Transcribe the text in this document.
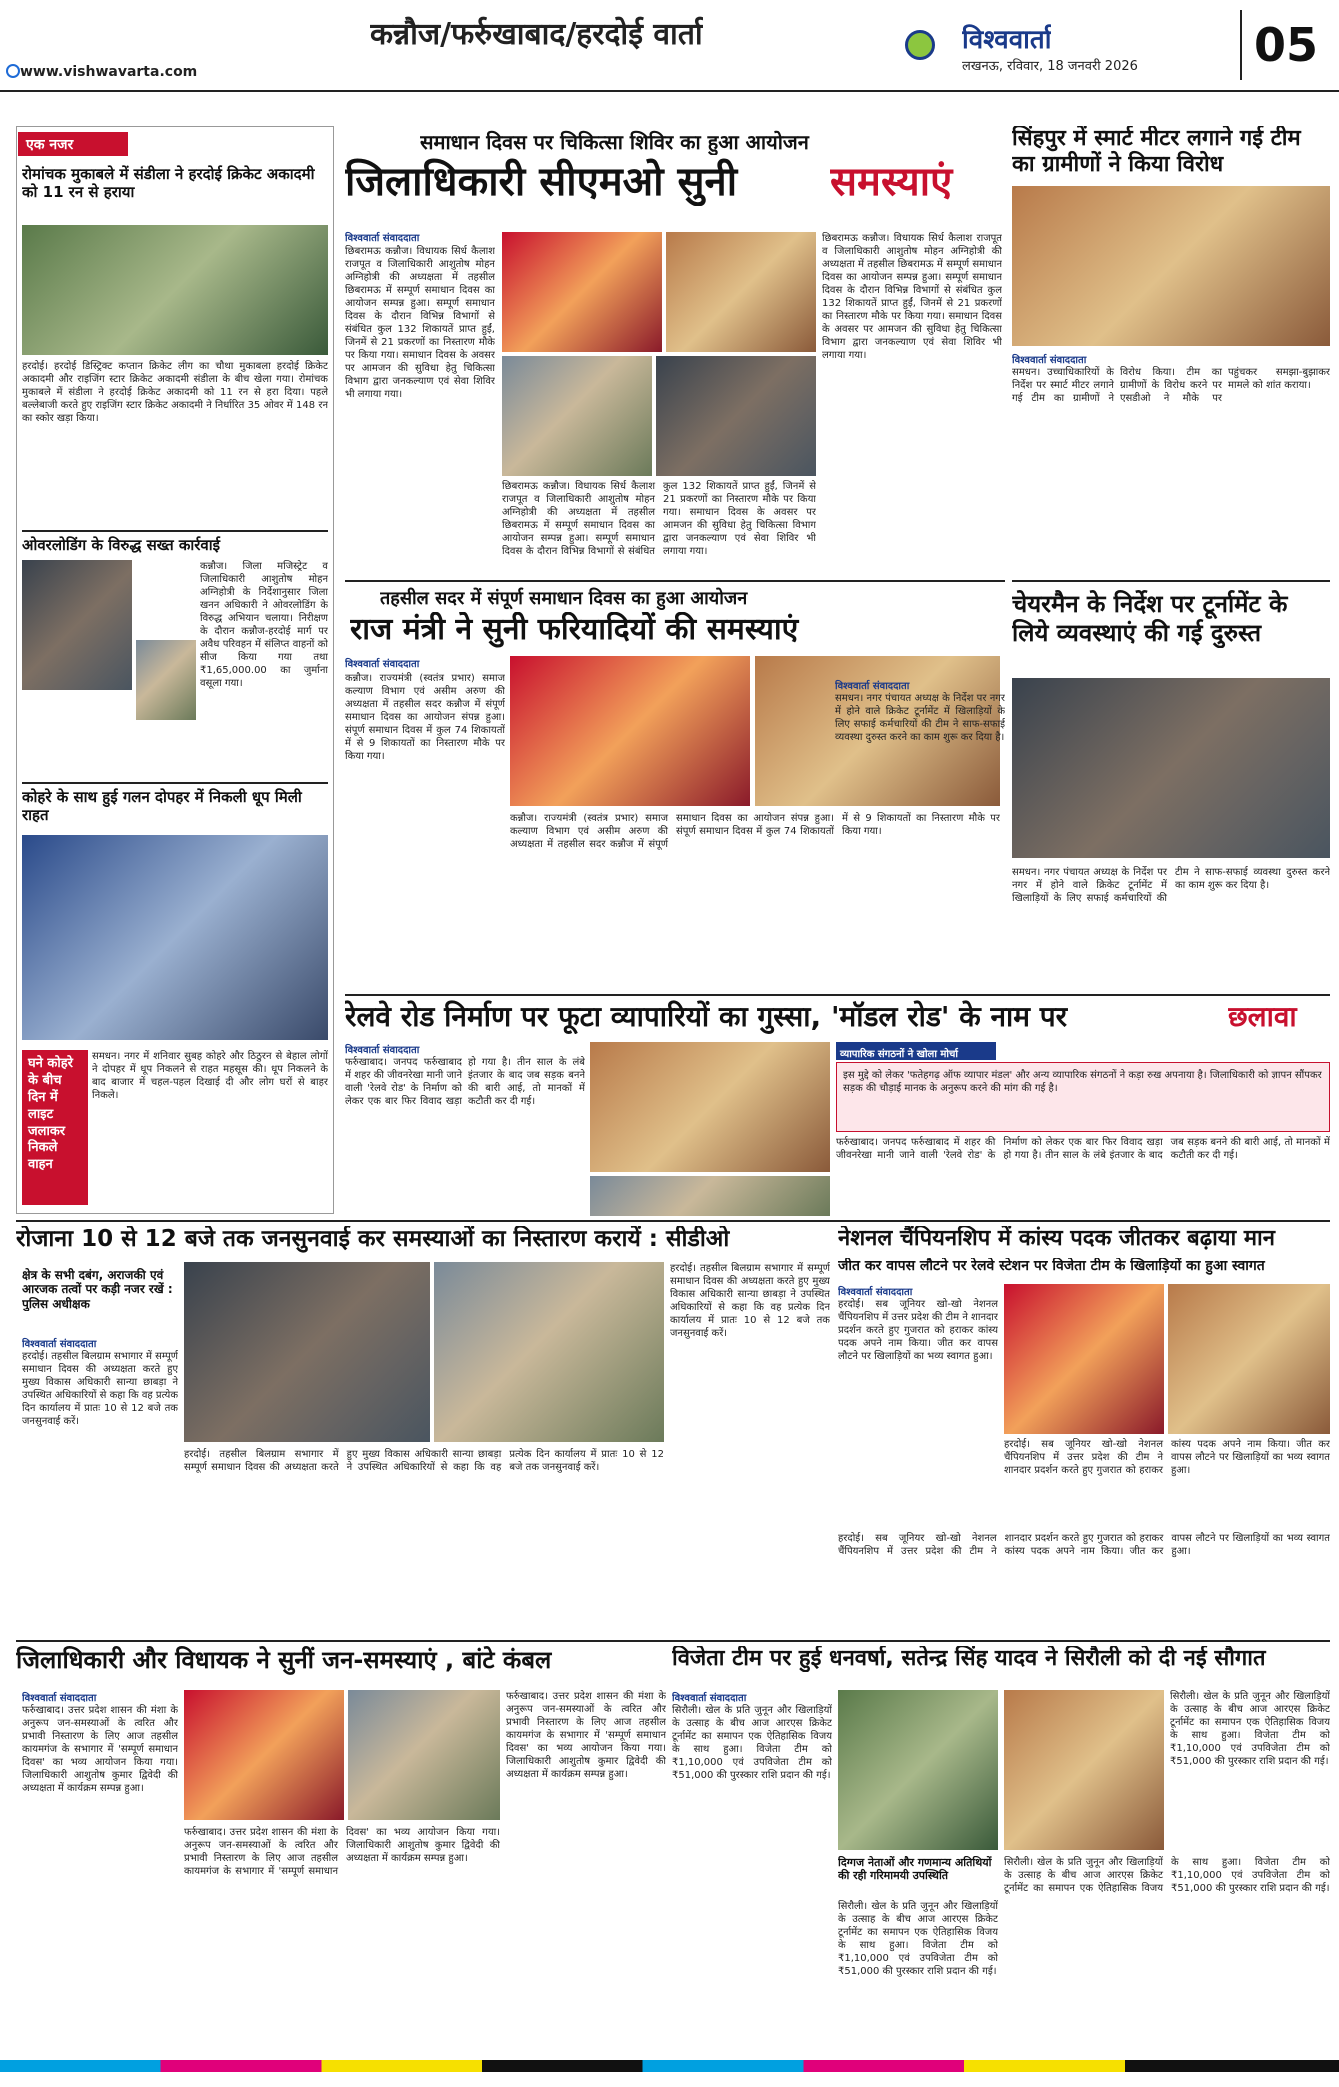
कन्नौज/फर्रुखाबाद/हरदोई वार्ता	विश्ववार्ता
लखनऊ, रविवार, 18 जनवरी 2026	05
www.vishwavarta.com
एक नजर
रोमांचक मुकाबले में संडीला ने हरदोई क्रिकेट अकादमी को 11 रन से हराया
हरदोई। हरदोई डिस्ट्रिक्ट कप्तान क्रिकेट लीग का चौथा मुकाबला हरदोई क्रिकेट अकादमी और राइजिंग स्टार क्रिकेट अकादमी संडीला के बीच खेला गया। रोमांचक मुकाबले में संडीला ने हरदोई क्रिकेट अकादमी को 11 रन से हरा दिया। पहले बल्लेबाजी करते हुए राइजिंग स्टार क्रिकेट अकादमी ने निर्धारित 35 ओवर में 148 रन का स्कोर खड़ा किया।
ओवरलोडिंग के विरुद्ध सख्त कार्रवाई
कन्नौज। जिला मजिस्ट्रेट व जिलाधिकारी आशुतोष मोहन अग्निहोत्री के निर्देशानुसार जिला खनन अधिकारी ने ओवरलोडिंग के विरुद्ध अभियान चलाया। निरीक्षण के दौरान कन्नौज-हरदोई मार्ग पर अवैध परिवहन में संलिप्त वाहनों को सीज किया गया तथा ₹1,65,000.00 का जुर्माना वसूला गया।
कोहरे के साथ हुई गलन दोपहर में निकली धूप मिली राहत
घने कोहरे के बीच दिन में लाइट जलाकर निकले वाहन
समधन। नगर में शनिवार सुबह कोहरे और ठिठुरन से बेहाल लोगों ने दोपहर में धूप निकलने से राहत महसूस की। धूप निकलने के बाद बाजार में चहल-पहल दिखाई दी और लोग घरों से बाहर निकले।
समाधान दिवस पर चिकित्सा शिविर का हुआ आयोजन
जिलाधिकारी सीएमओ सुनी	समस्याएं
विश्ववार्ता संवाददाता
छिबरामऊ कन्नौज। विधायक सिर्ध कैलाश राजपूत व जिलाधिकारी आशुतोष मोहन अग्निहोत्री की अध्यक्षता में तहसील छिबरामऊ में सम्पूर्ण समाधान दिवस का आयोजन सम्पन्न हुआ। सम्पूर्ण समाधान दिवस के दौरान विभिन्न विभागों से संबंधित कुल 132 शिकायतें प्राप्त हुईं, जिनमें से 21 प्रकरणों का निस्तारण मौके पर किया गया। समाधान दिवस के अवसर पर आमजन की सुविधा हेतु चिकित्सा विभाग द्वारा जनकल्याण एवं सेवा शिविर भी लगाया गया।
छिबरामऊ कन्नौज। विधायक सिर्ध कैलाश राजपूत व जिलाधिकारी आशुतोष मोहन अग्निहोत्री की अध्यक्षता में तहसील छिबरामऊ में सम्पूर्ण समाधान दिवस का आयोजन सम्पन्न हुआ। सम्पूर्ण समाधान दिवस के दौरान विभिन्न विभागों से संबंधित कुल 132 शिकायतें प्राप्त हुईं, जिनमें से 21 प्रकरणों का निस्तारण मौके पर किया गया। समाधान दिवस के अवसर पर आमजन की सुविधा हेतु चिकित्सा विभाग द्वारा जनकल्याण एवं सेवा शिविर भी लगाया गया।
छिबरामऊ कन्नौज। विधायक सिर्ध कैलाश राजपूत व जिलाधिकारी आशुतोष मोहन अग्निहोत्री की अध्यक्षता में तहसील छिबरामऊ में सम्पूर्ण समाधान दिवस का आयोजन सम्पन्न हुआ। सम्पूर्ण समाधान दिवस के दौरान विभिन्न विभागों से संबंधित कुल 132 शिकायतें प्राप्त हुईं, जिनमें से 21 प्रकरणों का निस्तारण मौके पर किया गया। समाधान दिवस के अवसर पर आमजन की सुविधा हेतु चिकित्सा विभाग द्वारा जनकल्याण एवं सेवा शिविर भी लगाया गया।
तहसील सदर में संपूर्ण समाधान दिवस का हुआ आयोजन
राज मंत्री ने सुनी फरियादियों की समस्याएं
विश्ववार्ता संवाददाता
कन्नौज। राज्यमंत्री (स्वतंत्र प्रभार) समाज कल्याण विभाग एवं असीम अरुण की अध्यक्षता में तहसील सदर कन्नौज में संपूर्ण समाधान दिवस का आयोजन संपन्न हुआ। संपूर्ण समाधान दिवस में कुल 74 शिकायतों में से 9 शिकायतों का निस्तारण मौके पर किया गया।
कन्नौज। राज्यमंत्री (स्वतंत्र प्रभार) समाज कल्याण विभाग एवं असीम अरुण की अध्यक्षता में तहसील सदर कन्नौज में संपूर्ण समाधान दिवस का आयोजन संपन्न हुआ। संपूर्ण समाधान दिवस में कुल 74 शिकायतों में से 9 शिकायतों का निस्तारण मौके पर किया गया।
सिंहपुर में स्मार्ट मीटर लगाने गई टीम का ग्रामीणों ने किया विरोध
विश्ववार्ता संवाददाता
समधन। उच्चाधिकारियों के निर्देश पर स्मार्ट मीटर लगाने गई टीम का ग्रामीणों ने विरोध किया। टीम का ग्रामीणों के विरोध करने पर एसडीओ ने मौके पर पहुंचकर समझा-बुझाकर मामले को शांत कराया।
चेयरमैन के निर्देश पर टूर्नामेंट के लिये व्यवस्थाएं की गई दुरुस्त
विश्ववार्ता संवाददाता
समधन। नगर पंचायत अध्यक्ष के निर्देश पर नगर में होने वाले क्रिकेट टूर्नामेंट में खिलाड़ियों के लिए सफाई कर्मचारियों की टीम ने साफ-सफाई व्यवस्था दुरुस्त करने का काम शुरू कर दिया है।
समधन। नगर पंचायत अध्यक्ष के निर्देश पर नगर में होने वाले क्रिकेट टूर्नामेंट में खिलाड़ियों के लिए सफाई कर्मचारियों की टीम ने साफ-सफाई व्यवस्था दुरुस्त करने का काम शुरू कर दिया है।
रेलवे रोड निर्माण पर फूटा व्यापारियों का गुस्सा, 'मॉडल रोड' के नाम पर	छलावा
विश्ववार्ता संवाददाता
फर्रुखाबाद। जनपद फर्रुखाबाद में शहर की जीवनरेखा मानी जाने वाली 'रेलवे रोड' के निर्माण को लेकर एक बार फिर विवाद खड़ा हो गया है। तीन साल के लंबे इंतजार के बाद जब सड़क बनने की बारी आई, तो मानकों में कटौती कर दी गई।
व्यापारिक संगठनों ने खोला मोर्चा
इस मुद्दे को लेकर 'फतेहगढ़ ऑफ व्यापार मंडल' और अन्य व्यापारिक संगठनों ने कड़ा रुख अपनाया है। जिलाधिकारी को ज्ञापन सौंपकर सड़क की चौड़ाई मानक के अनुरूप करने की मांग की गई है।
फर्रुखाबाद। जनपद फर्रुखाबाद में शहर की जीवनरेखा मानी जाने वाली 'रेलवे रोड' के निर्माण को लेकर एक बार फिर विवाद खड़ा हो गया है। तीन साल के लंबे इंतजार के बाद जब सड़क बनने की बारी आई, तो मानकों में कटौती कर दी गई।
रोजाना 10 से 12 बजे तक जनसुनवाई कर समस्याओं का निस्तारण करायें : सीडीओ
क्षेत्र के सभी दबंग, अराजकी एवं आरजक तत्वों पर कड़ी नजर रखें : पुलिस अधीक्षक
विश्ववार्ता संवाददाता
हरदोई। तहसील बिलग्राम सभागार में सम्पूर्ण समाधान दिवस की अध्यक्षता करते हुए मुख्य विकास अधिकारी सान्या छाबड़ा ने उपस्थित अधिकारियों से कहा कि वह प्रत्येक दिन कार्यालय में प्रातः 10 से 12 बजे तक जनसुनवाई करें।
हरदोई। तहसील बिलग्राम सभागार में सम्पूर्ण समाधान दिवस की अध्यक्षता करते हुए मुख्य विकास अधिकारी सान्या छाबड़ा ने उपस्थित अधिकारियों से कहा कि वह प्रत्येक दिन कार्यालय में प्रातः 10 से 12 बजे तक जनसुनवाई करें।
हरदोई। तहसील बिलग्राम सभागार में सम्पूर्ण समाधान दिवस की अध्यक्षता करते हुए मुख्य विकास अधिकारी सान्या छाबड़ा ने उपस्थित अधिकारियों से कहा कि वह प्रत्येक दिन कार्यालय में प्रातः 10 से 12 बजे तक जनसुनवाई करें।
नेशनल चैंपियनशिप में कांस्य पदक जीतकर बढ़ाया मान
जीत कर वापस लौटने पर रेलवे स्टेशन पर विजेता टीम के खिलाड़ियों का हुआ स्वागत
विश्ववार्ता संवाददाता
हरदोई। सब जूनियर खो-खो नेशनल चैंपियनशिप में उत्तर प्रदेश की टीम ने शानदार प्रदर्शन करते हुए गुजरात को हराकर कांस्य पदक अपने नाम किया। जीत कर वापस लौटने पर खिलाड़ियों का भव्य स्वागत हुआ।
हरदोई। सब जूनियर खो-खो नेशनल चैंपियनशिप में उत्तर प्रदेश की टीम ने शानदार प्रदर्शन करते हुए गुजरात को हराकर कांस्य पदक अपने नाम किया। जीत कर वापस लौटने पर खिलाड़ियों का भव्य स्वागत हुआ।
हरदोई। सब जूनियर खो-खो नेशनल चैंपियनशिप में उत्तर प्रदेश की टीम ने शानदार प्रदर्शन करते हुए गुजरात को हराकर कांस्य पदक अपने नाम किया। जीत कर वापस लौटने पर खिलाड़ियों का भव्य स्वागत हुआ।
जिलाधिकारी और विधायक ने सुनीं जन-समस्याएं , बांटे कंबल
विश्ववार्ता संवाददाता
फर्रुखाबाद। उत्तर प्रदेश शासन की मंशा के अनुरूप जन-समस्याओं के त्वरित और प्रभावी निस्तारण के लिए आज तहसील कायमगंज के सभागार में 'सम्पूर्ण समाधान दिवस' का भव्य आयोजन किया गया। जिलाधिकारी आशुतोष कुमार द्विवेदी की अध्यक्षता में कार्यक्रम सम्पन्न हुआ।
फर्रुखाबाद। उत्तर प्रदेश शासन की मंशा के अनुरूप जन-समस्याओं के त्वरित और प्रभावी निस्तारण के लिए आज तहसील कायमगंज के सभागार में 'सम्पूर्ण समाधान दिवस' का भव्य आयोजन किया गया। जिलाधिकारी आशुतोष कुमार द्विवेदी की अध्यक्षता में कार्यक्रम सम्पन्न हुआ।
फर्रुखाबाद। उत्तर प्रदेश शासन की मंशा के अनुरूप जन-समस्याओं के त्वरित और प्रभावी निस्तारण के लिए आज तहसील कायमगंज के सभागार में 'सम्पूर्ण समाधान दिवस' का भव्य आयोजन किया गया। जिलाधिकारी आशुतोष कुमार द्विवेदी की अध्यक्षता में कार्यक्रम सम्पन्न हुआ।
विजेता टीम पर हुई धनवर्षा, सतेन्द्र सिंह यादव ने सिरौली को दी नई सौगात
विश्ववार्ता संवाददाता
सिरौली। खेल के प्रति जुनून और खिलाड़ियों के उत्साह के बीच आज आरएस क्रिकेट टूर्नामेंट का समापन एक ऐतिहासिक विजय के साथ हुआ। विजेता टीम को ₹1,10,000 एवं उपविजेता टीम को ₹51,000 की पुरस्कार राशि प्रदान की गई।
दिग्गज नेताओं और गणमान्य अतिथियों की रही गरिमामयी उपस्थिति
सिरौली। खेल के प्रति जुनून और खिलाड़ियों के उत्साह के बीच आज आरएस क्रिकेट टूर्नामेंट का समापन एक ऐतिहासिक विजय के साथ हुआ। विजेता टीम को ₹1,10,000 एवं उपविजेता टीम को ₹51,000 की पुरस्कार राशि प्रदान की गई।
सिरौली। खेल के प्रति जुनून और खिलाड़ियों के उत्साह के बीच आज आरएस क्रिकेट टूर्नामेंट का समापन एक ऐतिहासिक विजय के साथ हुआ। विजेता टीम को ₹1,10,000 एवं उपविजेता टीम को ₹51,000 की पुरस्कार राशि प्रदान की गई।
सिरौली। खेल के प्रति जुनून और खिलाड़ियों के उत्साह के बीच आज आरएस क्रिकेट टूर्नामेंट का समापन एक ऐतिहासिक विजय के साथ हुआ। विजेता टीम को ₹1,10,000 एवं उपविजेता टीम को ₹51,000 की पुरस्कार राशि प्रदान की गई।
